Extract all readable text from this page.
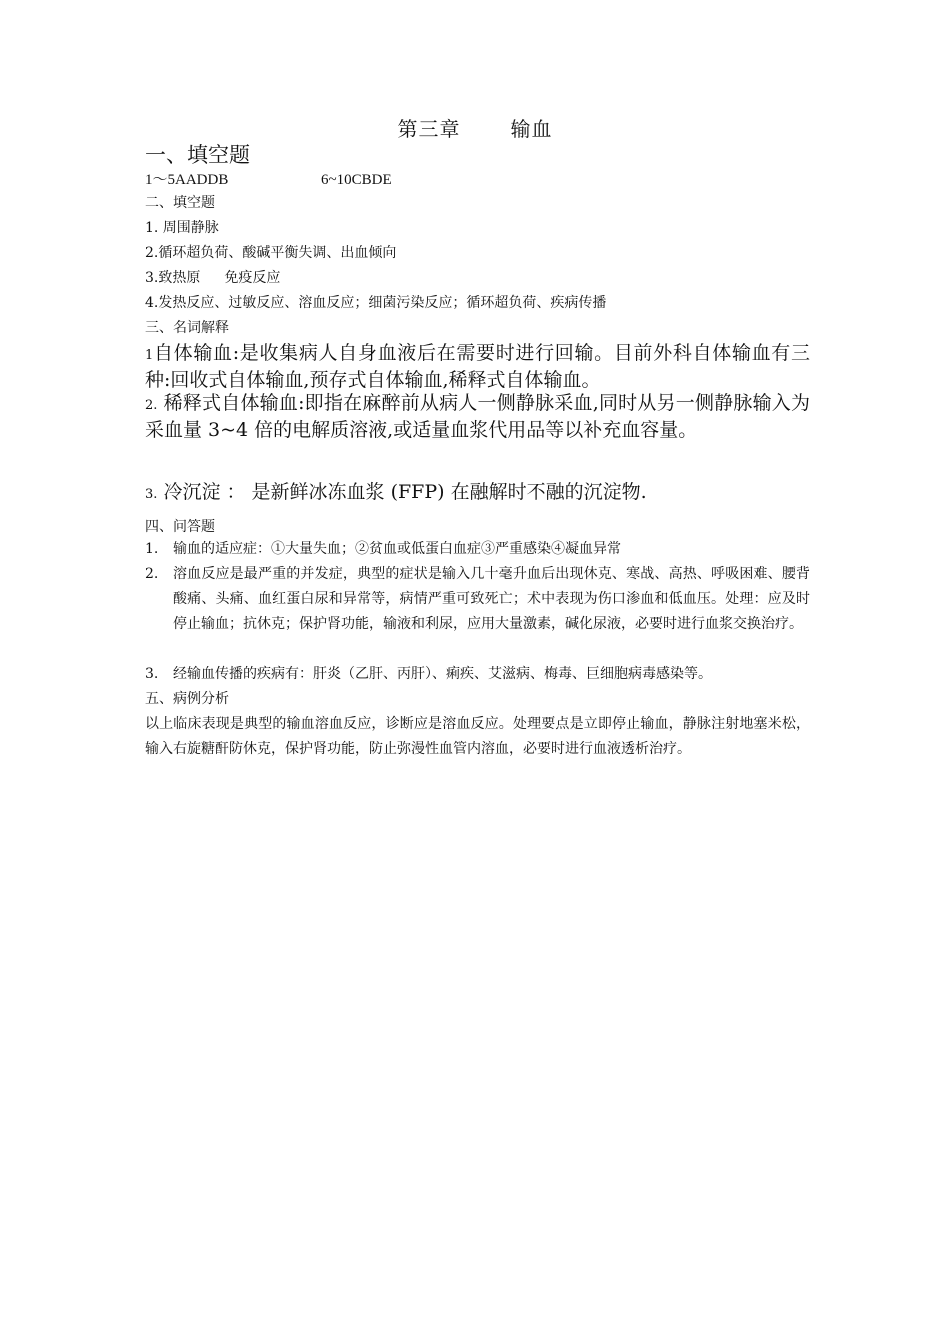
第三章	输血
一、填空题
1～5AADDB	6~10CBDE
二、填空题
1. 周围静脉
2.循环超负荷、酸碱平衡失调、出血倾向
3.致热原 免疫反应
4.发热反应、过敏反应、溶血反应；细菌污染反应；循环超负荷、疾病传播
三、名词解释
1自体输血:是收集病人自身血液后在需要时进行回输。目前外科自体输血有三种:回收式自体输血,预存式自体输血,稀释式自体输血。
2. 稀释式自体输血:即指在麻醉前从病人一侧静脉采血,同时从另一侧静脉输入为采血量 3~4 倍的电解质溶液,或适量血浆代用品等以补充血容量。
3. 冷沉淀 ： 是新鲜冰冻血浆 (FFP) 在融解时不融的沉淀物.
四、问答题
1. 输血的适应症：①大量失血；②贫血或低蛋白血症③严重感染④凝血异常
2. 溶血反应是最严重的并发症，典型的症状是输入几十毫升血后出现休克、寒战、高热、呼吸困难、腰背酸痛、头痛、血红蛋白尿和异常等，病情严重可致死亡；术中表现为伤口渗血和低血压。处理：应及时停止输血；抗休克；保护肾功能，输液和利尿，应用大量激素，碱化尿液，必要时进行血浆交换治疗。
3. 经输血传播的疾病有：肝炎（乙肝、丙肝）、痢疾、艾滋病、梅毒、巨细胞病毒感染等。
五、病例分析
以上临床表现是典型的输血溶血反应，诊断应是溶血反应。处理要点是立即停止输血，静脉注射地塞米松，输入右旋糖酐防休克，保护肾功能，防止弥漫性血管内溶血，必要时进行血液透析治疗。
